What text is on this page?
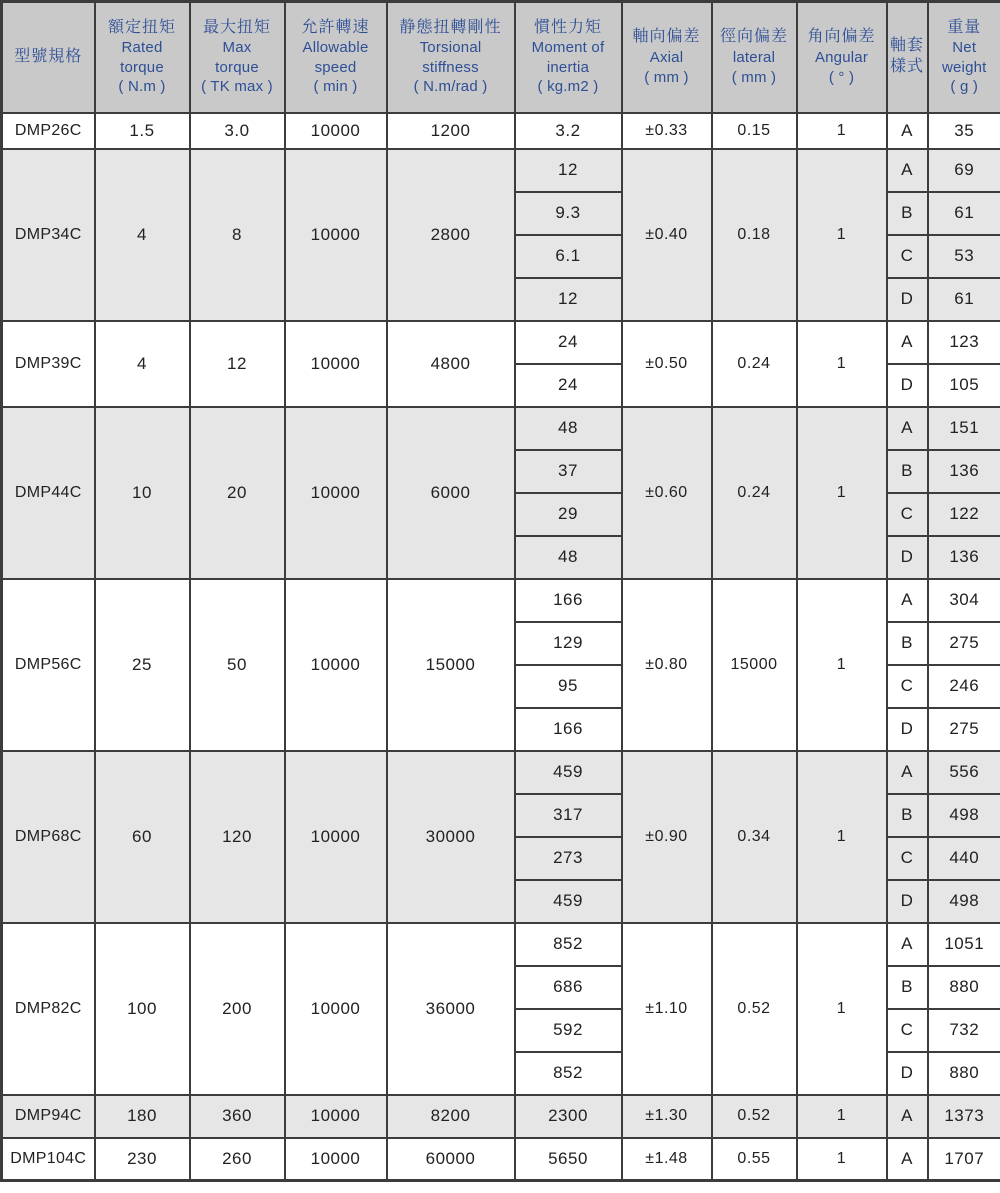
型號規格

額定扭矩
Rated
torque
( N.m )

最大扭矩
Max
torque
( TK max )

允許轉速
Allowable
speed
( min )

静態扭轉剛性
Torsional
stiffness
( N.m/rad )

慣性力矩
Moment of
inertia
( kg.m2 )

軸向偏差
Axial
( mm )

徑向偏差
lateral
( mm )

角向偏差
Angular
( ° )

軸套
樣式

重量
Net
weight
( g )

DMP26C	1.5	3.0	10000	1200	3.2	±0.33	0.15	1	A	35
DMP34C	4	8	10000	2800	12	±0.40	0.18	1	A	69
					9.3				B	61
					6.1				C	53
					12				D	61
DMP39C	4	12	10000	4800	24	±0.50	0.24	1	A	123
					24				D	105
DMP44C	10	20	10000	6000	48	±0.60	0.24	1	A	151
					37				B	136
					29				C	122
					48				D	136
DMP56C	25	50	10000	15000	166	±0.80	15000	1	A	304
					129				B	275
					95				C	246
					166				D	275
DMP68C	60	120	10000	30000	459	±0.90	0.34	1	A	556
					317				B	498
					273				C	440
					459				D	498
DMP82C	100	200	10000	36000	852	±1.10	0.52	1	A	1051
					686				B	880
					592				C	732
					852				D	880
DMP94C	180	360	10000	8200	2300	±1.30	0.52	1	A	1373
DMP104C	230	260	10000	60000	5650	±1.48	0.55	1	A	1707
